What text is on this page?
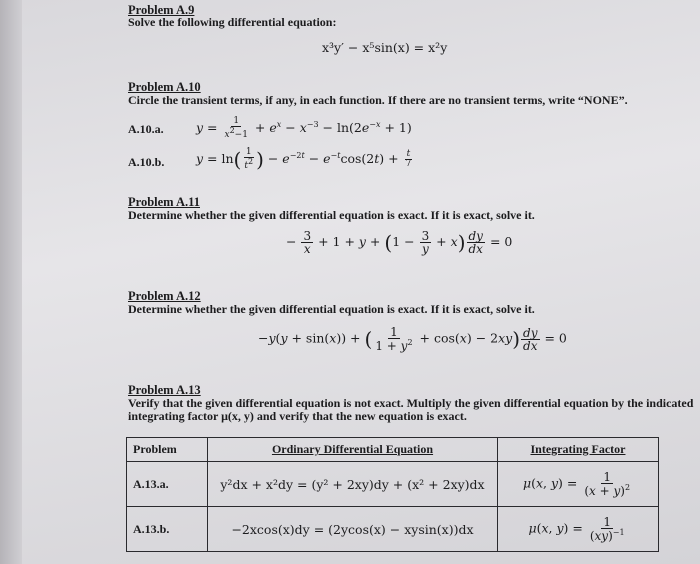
Problem A.9
Solve the following differential equation:
x³y′ − x⁵sin(x) = x²y
Problem A.10
Circle the transient terms, if any, in each function. If there are no transient terms, write “NONE”.
A.10.a.	$y = \frac{1}{x^2-1} + e^x - x^{-3} - \ln(2e^{-x} + 1)$
A.10.b.	$y = \ln( \frac{1}{t^2}$ ) − $e^{-2t} - e^{-t}\cos(2t) + \frac{t}{7}$
Problem A.11
Determine whether the given differential equation is exact. If it is exact, solve it.
− $\frac{3}{x} + 1 + y + (1 - \frac{3}{y} + x) \frac{dy}{dx} = 0$
Problem A.12
Determine whether the given differential equation is exact. If it is exact, solve it.
−y(y + sin(x)) + ( $\frac{1}{1 + y^2} + \cos(x) - 2xy) \frac{dy}{dx} = 0$
Problem A.13
Verify that the given differential equation is not exact. Multiply the given differential equation by the indicated
integrating factor μ(x, y) and verify that the new equation is exact.
Problem	Ordinary Differential Equation	Integrating Factor
A.13.a.	y²dx + x²dy = (y² + 2xy)dy + (x² + 2xy)dx	μ(x, $y) = \frac{1}{(x + y)^2}$

A.13.b.	−2xcos(x)dy = (2ycos(x) − xysin(x))dx	μ(x, $y) = \frac{1}{(xy)^{-1}}$
